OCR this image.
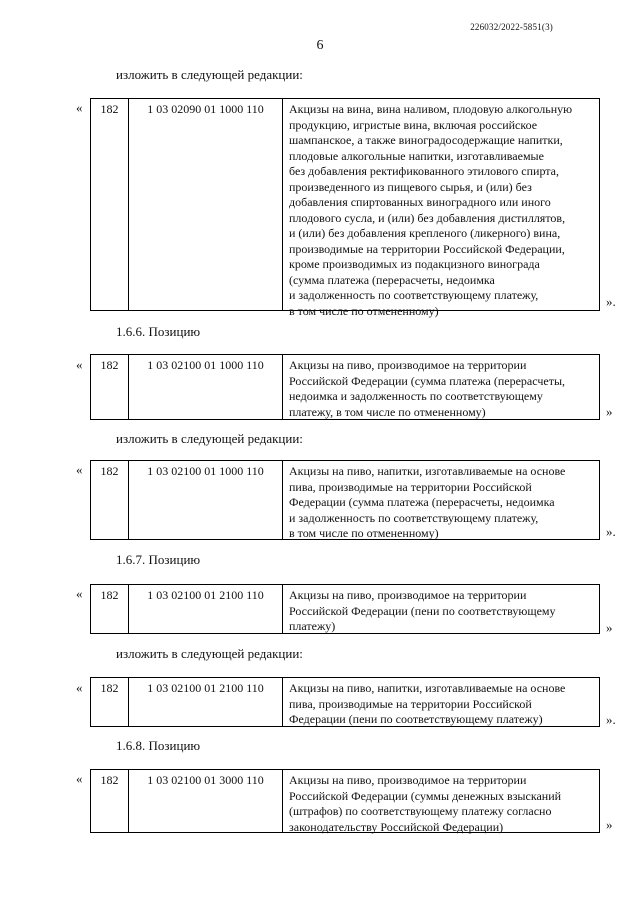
226032/2022-5851(3)
6
изложить в следующей редакции:
«	182	1 03 02090 01 1000 110	Акцизы на вина, вина наливом, плодовую алкогольную
продукцию, игристые вина, включая российское
шампанское, а также виноградосодержащие напитки,
плодовые алкогольные напитки, изготавливаемые
без добавления ректификованного этилового спирта,
произведенного из пищевого сырья, и (или) без
добавления спиртованных виноградного или иного
плодового сусла, и (или) без добавления дистиллятов,
и (или) без добавления крепленого (ликерного) вина,
производимые на территории Российской Федерации,
кроме производимых из подакцизного винограда
(сумма платежа (перерасчеты, недоимка
и задолженность по соответствующему платежу,
в том числе по отмененному)
».
1.6.6. Позицию
«	182	1 03 02100 01 1000 110	Акцизы на пиво, производимое на территории
Российской Федерации (сумма платежа (перерасчеты,
недоимка и задолженность по соответствующему
платежу, в том числе по отмененному)	»
изложить в следующей редакции:
«	182	1 03 02100 01 1000 110	Акцизы на пиво, напитки, изготавливаемые на основе
пива, производимые на территории Российской
Федерации (сумма платежа (перерасчеты, недоимка
и задолженность по соответствующему платежу,
в том числе по отмененному)	».
1.6.7. Позицию
«	182	1 03 02100 01 2100 110	Акцизы на пиво, производимое на территории
Российской Федерации (пени по соответствующему
платежу)	»
изложить в следующей редакции:
«	182	1 03 02100 01 2100 110	Акцизы на пиво, напитки, изготавливаемые на основе
пива, производимые на территории Российской
Федерации (пени по соответствующему платежу)	».
1.6.8. Позицию
«	182	1 03 02100 01 3000 110	Акцизы на пиво, производимое на территории
Российской Федерации (суммы денежных взысканий
(штрафов) по соответствующему платежу согласно
законодательству Российской Федерации)	»
